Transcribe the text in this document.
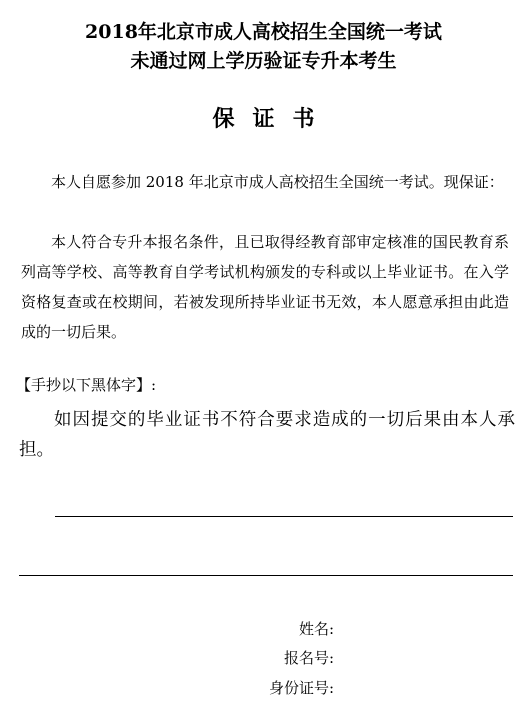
2018年北京市成人高校招生全国统一考试
未通过网上学历验证专升本考生
保证书

本人自愿参加 2018 年北京市成人高校招生全国统一考试。现保证：

本人符合专升本报名条件，且已取得经教育部审定核准的国民教育系列高等学校、高等教育自学考试机构颁发的专科或以上毕业证书。在入学资格复查或在校期间，若被发现所持毕业证书无效，本人愿意承担由此造成的一切后果。

【手抄以下黑体字】:
如因提交的毕业证书不符合要求造成的一切后果由本人承担。
姓名:
报名号:
身份证号:
